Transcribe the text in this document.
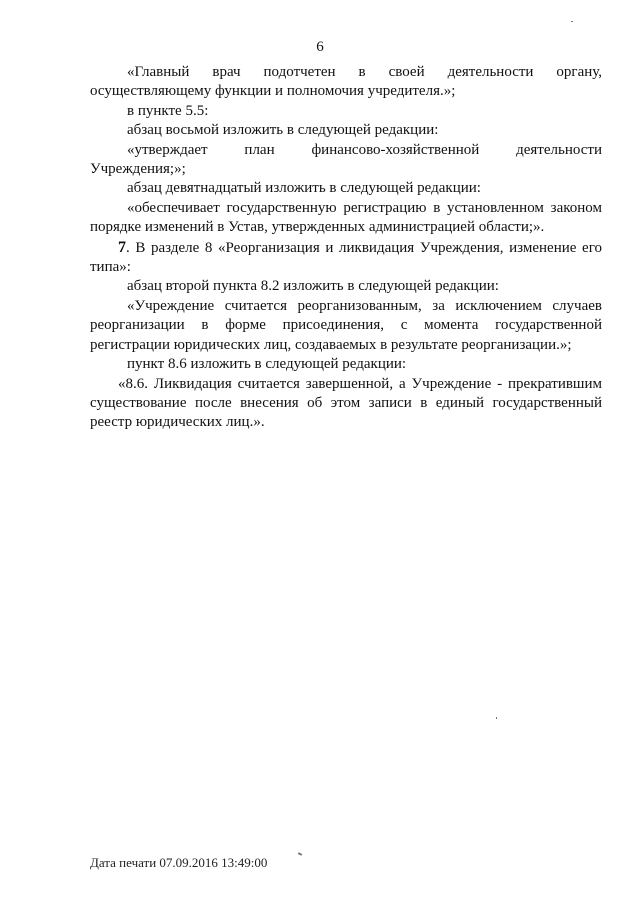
6

«Главный врач подотчетен в своей деятельности органу, осуществляющему функции и полномочия учредителя.»;

в пункте 5.5:

абзац восьмой изложить в следующей редакции:

«утверждает план финансово-хозяйственной деятельности Учреждения;»;

абзац девятнадцатый изложить в следующей редакции:

«обеспечивает государственную регистрацию в установленном законом порядке изменений в Устав, утвержденных администрацией области;».

7. В разделе 8 «Реорганизация и ликвидация Учреждения, изменение его типа»:

абзац второй пункта 8.2 изложить в следующей редакции:

«Учреждение считается реорганизованным, за исключением случаев реорганизации в форме присоединения, с момента государственной регистрации юридических лиц, создаваемых в результате реорганизации.»;

пункт 8.6 изложить в следующей редакции:

«8.6. Ликвидация считается завершенной, а Учреждение - прекратившим существование после внесения об этом записи в единый государственный реестр юридических лиц.».

Дата печати 07.09.2016 13:49:00
